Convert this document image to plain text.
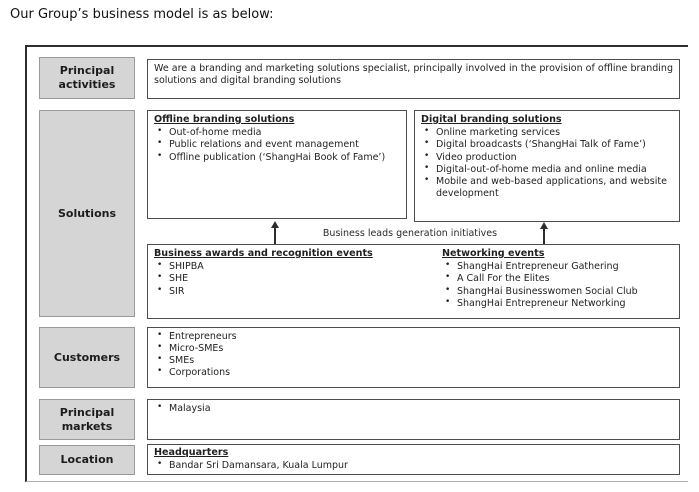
Our Group’s business model is as below:
Principal activities
Solutions
Customers
Principal markets
Location
We are a branding and marketing solutions specialist, principally involved in the provision of offline branding solutions and digital branding solutions
Offline branding solutions
• Out-of-home media
• Public relations and event management
• Offline publication (‘ShangHai Book of Fame’)
Digital branding solutions
• Online marketing services
• Digital broadcasts (‘ShangHai Talk of Fame’)
• Video production
• Digital-out-of-home media and online media
• Mobile and web-based applications, and website development
Business leads generation initiatives
Business awards and recognition events
• SHIPBA
• SHE
• SIR
Networking events
• ShangHai Entrepreneur Gathering
• A Call For the Elites
• ShangHai Businesswomen Social Club
• ShangHai Entrepreneur Networking
• Entrepreneurs
• Micro-SMEs
• SMEs
• Corporations
• Malaysia
Headquarters
• Bandar Sri Damansara, Kuala Lumpur
